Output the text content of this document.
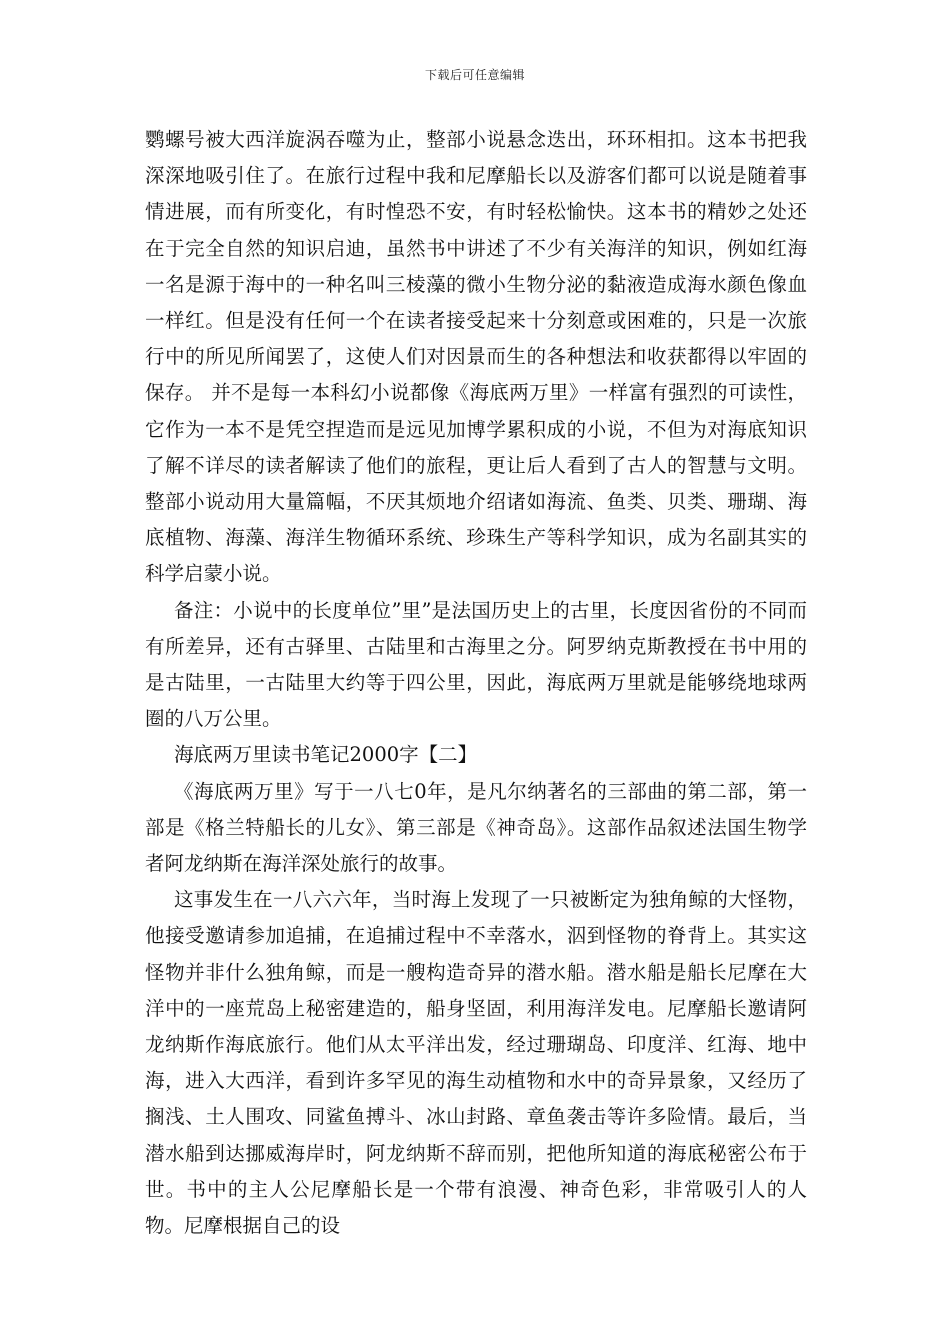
下载后可任意编辑

鹦螺号被大西洋旋涡吞噬为止，整部小说悬念迭出，环环相扣。这本书把我深深地吸引住了。在旅行过程中我和尼摩船长以及游客们都可以说是随着事情进展，而有所变化，有时惶恐不安，有时轻松愉快。这本书的精妙之处还在于完全自然的知识启迪，虽然书中讲述了不少有关海洋的知识，例如红海一名是源于海中的一种名叫三棱藻的微小生物分泌的黏液造成海水颜色像血一样红。但是没有任何一个在读者接受起来十分刻意或困难的，只是一次旅行中的所见所闻罢了，这使人们对因景而生的各种想法和收获都得以牢固的保存。 并不是每一本科幻小说都像《海底两万里》一样富有强烈的可读性，它作为一本不是凭空捏造而是远见加博学累积成的小说，不但为对海底知识了解不详尽的读者解读了他们的旅程，更让后人看到了古人的智慧与文明。整部小说动用大量篇幅，不厌其烦地介绍诸如海流、鱼类、贝类、珊瑚、海底植物、海藻、海洋生物循环系统、珍珠生产等科学知识，成为名副其实的科学启蒙小说。

备注：小说中的长度单位”里”是法国历史上的古里，长度因省份的不同而有所差异，还有古驿里、古陆里和古海里之分。阿罗纳克斯教授在书中用的是古陆里，一古陆里大约等于四公里，因此，海底两万里就是能够绕地球两圈的八万公里。

海底两万里读书笔记2000字【二】

《海底两万里》写于一八七0年，是凡尔纳著名的三部曲的第二部，第一部是《格兰特船长的儿女》、第三部是《神奇岛》。这部作品叙述法国生物学者阿龙纳斯在海洋深处旅行的故事。

这事发生在一八六六年，当时海上发现了一只被断定为独角鲸的大怪物，他接受邀请参加追捕，在追捕过程中不幸落水，泅到怪物的脊背上。其实这怪物并非什么独角鲸，而是一艘构造奇异的潜水船。潜水船是船长尼摩在大洋中的一座荒岛上秘密建造的，船身坚固，利用海洋发电。尼摩船长邀请阿龙纳斯作海底旅行。他们从太平洋出发，经过珊瑚岛、印度洋、红海、地中海，进入大西洋，看到许多罕见的海生动植物和水中的奇异景象，又经历了搁浅、土人围攻、同鲨鱼搏斗、冰山封路、章鱼袭击等许多险情。最后，当潜水船到达挪威海岸时，阿龙纳斯不辞而别，把他所知道的海底秘密公布于世。书中的主人公尼摩船长是一个带有浪漫、神奇色彩，非常吸引人的人物。尼摩根据自己的设
